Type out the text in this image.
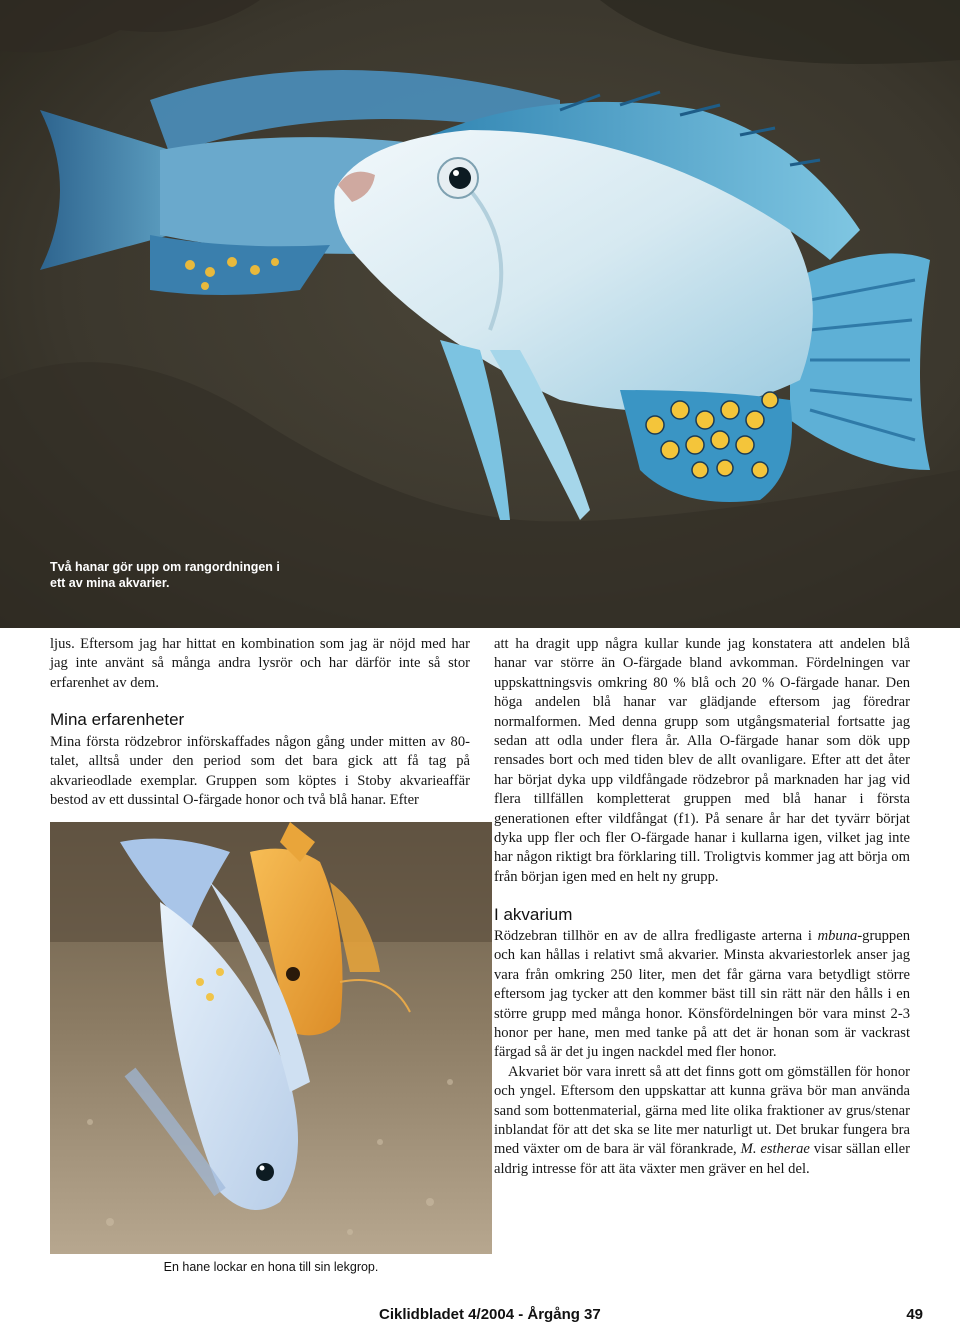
Två hanar gör upp om rangordningen i ett av mina akvarier.

ljus. Eftersom jag har hittat en kombination som jag är nöjd med har jag inte använt så många andra lysrör och har därför inte så stor erfarenhet av dem.

Mina erfarenheter

Mina första rödzebror införskaffades någon gång under mitten av 80-talet, alltså under den period som det bara gick att få tag på akvarieodlade exemplar. Gruppen som köptes i Stoby akvarieaffär bestod av ett dussintal O-färgade honor och två blå hanar. Efter

En hane lockar en hona till sin lekgrop.

att ha dragit upp några kullar kunde jag konstatera att andelen blå hanar var större än O-färgade bland avkomman. Fördelningen var uppskattningsvis omkring 80 % blå och 20 % O-färgade hanar. Den höga andelen blå hanar var glädjande eftersom jag föredrar normalformen. Med denna grupp som utgångsmaterial fortsatte jag sedan att odla under flera år. Alla O-färgade hanar som dök upp rensades bort och med tiden blev de allt ovanligare. Efter att det åter har börjat dyka upp vildfångade rödzebror på marknaden har jag vid flera tillfällen kompletterat gruppen med blå hanar i första generationen efter vildfångat (f1). På senare år har det tyvärr börjat dyka upp fler och fler O-färgade hanar i kullarna igen, vilket jag inte har någon riktigt bra förklaring till. Troligtvis kommer jag att börja om från början igen med en helt ny grupp.

I akvarium

Rödzebran tillhör en av de allra fredligaste arterna i mbuna-gruppen och kan hållas i relativt små akvarier. Minsta akvariestorlek anser jag vara från omkring 250 liter, men det får gärna vara betydligt större eftersom jag tycker att den kommer bäst till sin rätt när den hålls i en större grupp med många honor. Könsfördelningen bör vara minst 2-3 honor per hane, men med tanke på att det är honan som är vackrast färgad så är det ju ingen nackdel med fler honor.

Akvariet bör vara inrett så att det finns gott om gömställen för honor och yngel. Eftersom den uppskattar att kunna gräva bör man använda sand som bottenmaterial, gärna med lite olika fraktioner av grus/stenar inblandat för att det ska se lite mer naturligt ut. Det brukar fungera bra med växter om de bara är väl förankrade, M. estherae visar sällan eller aldrig intresse för att äta växter men gräver en hel del.

Ciklidbladet 4/2004 - Årgång 37	49
